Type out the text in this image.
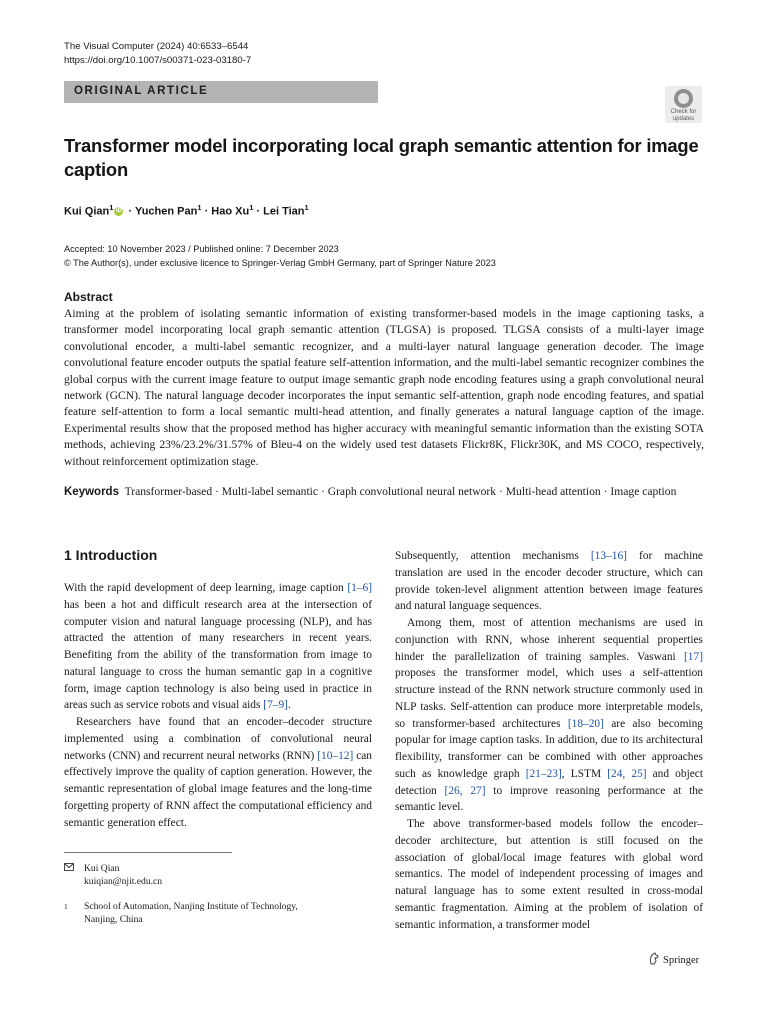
The Visual Computer (2024) 40:6533–6544
https://doi.org/10.1007/s00371-023-03180-7
ORIGINAL ARTICLE
Check for
updates
Transformer model incorporating local graph semantic attention for image caption
Kui Qian$^1$ iD · Yuchen Pan$^1$ · Hao $Xu^1$ · Lei Tian$^1$
Accepted: 10 November 2023 / Published online: 7 December 2023
© The Author(s), under exclusive licence to Springer-Verlag GmbH Germany, part of Springer Nature 2023
Abstract
Aiming at the problem of isolating semantic information of existing transformer-based models in the image captioning tasks, a transformer model incorporating local graph semantic attention (TLGSA) is proposed. TLGSA consists of a multi-layer image convolutional encoder, a multi-label semantic recognizer, and a multi-layer natural language generation decoder. The image convolutional feature encoder outputs the spatial feature self-attention information, and the multi-label semantic recognizer combines the global corpus with the current image feature to output image semantic graph node encoding features using a graph convolutional neural network (GCN). The natural language decoder incorporates the input semantic self-attention, graph node encoding features, and spatial feature self-attention to form a local semantic multi-head attention, and finally generates a natural language caption of the image. Experimental results show that the proposed method has higher accuracy with meaningful semantic information than the existing SOTA methods, achieving 23%/23.2%/31.57% of Bleu-4 on the widely used test datasets Flickr8K, Flickr30K, and MS COCO, respectively, without reinforcement optimization stage.
Keywords Transformer-based · Multi-label semantic · Graph convolutional neural network · Multi-head attention · Image caption
1 Introduction

With the rapid development of deep learning, image caption [1–6] has been a hot and difficult research area at the intersection of computer vision and natural language processing (NLP), and has attracted the attention of many researchers in recent years. Benefiting from the ability of the transformation from image to natural language to cross the human semantic gap in a cognitive form, image caption technology is also being used in practice in areas such as service robots and visual aids [7–9].

Researchers have found that an encoder–decoder structure implemented using a combination of convolutional neural networks (CNN) and recurrent neural networks (RNN) [10–12] can effectively improve the quality of caption generation. However, the semantic representation of global image features and the long-time forgetting property of RNN affect the computational efficiency and semantic generation effect.

Subsequently, attention mechanisms [13–16] for machine translation are used in the encoder decoder structure, which can provide token-level alignment attention between image features and natural language sequences.

Among them, most of attention mechanisms are used in conjunction with RNN, whose inherent sequential properties hinder the parallelization of training samples. Vaswani [17] proposes the transformer model, which uses a self-attention structure instead of the RNN network structure commonly used in NLP tasks. Self-attention can produce more interpretable models, so transformer-based architectures [18–20] are also becoming popular for image caption tasks. In addition, due to its architectural flexibility, transformer can be combined with other approaches such as knowledge graph [21–23], LSTM [24, 25] and object detection [26, 27] to improve reasoning performance at the semantic level.

The above transformer-based models follow the encoder–decoder architecture, but attention is still focused on the association of global/local image features with global word semantics. The model of independent processing of images and natural language has to some extent resulted in cross-modal semantic fragmentation. Aiming at the problem of isolation of semantic information, a transformer model

Kui Qian
kuiqian@njit.edu.cn
1	School of Automation, Nanjing Institute of Technology,
Nanjing, China
Springer
